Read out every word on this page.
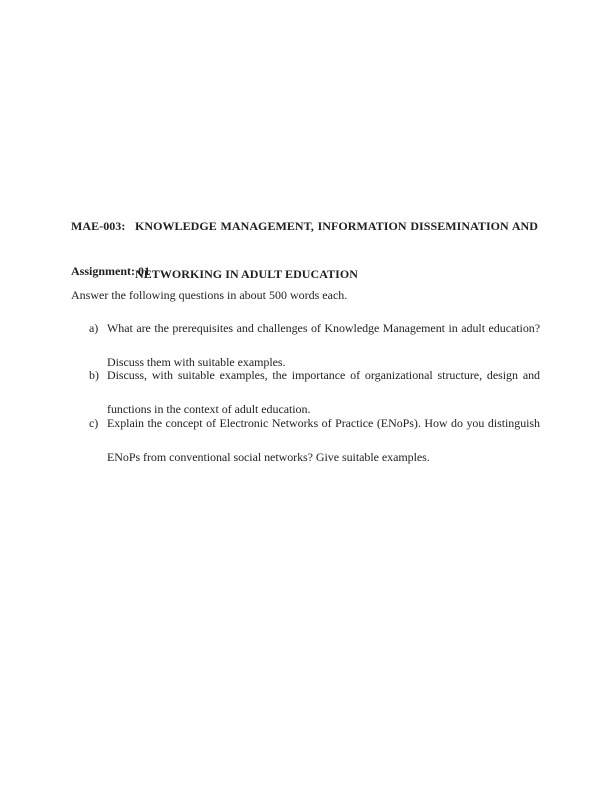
MAE-003: KNOWLEDGE MANAGEMENT, INFORMATION DISSEMINATION AND
NETWORKING IN ADULT EDUCATION
Assignment: 01
Answer the following questions in about 500 words each.
a) What are the prerequisites and challenges of Knowledge Management in adult education?
Discuss them with suitable examples.
b) Discuss, with suitable examples, the importance of organizational structure, design and
functions in the context of adult education.
c) Explain the concept of Electronic Networks of Practice (ENoPs). How do you distinguish
ENoPs from conventional social networks? Give suitable examples.
